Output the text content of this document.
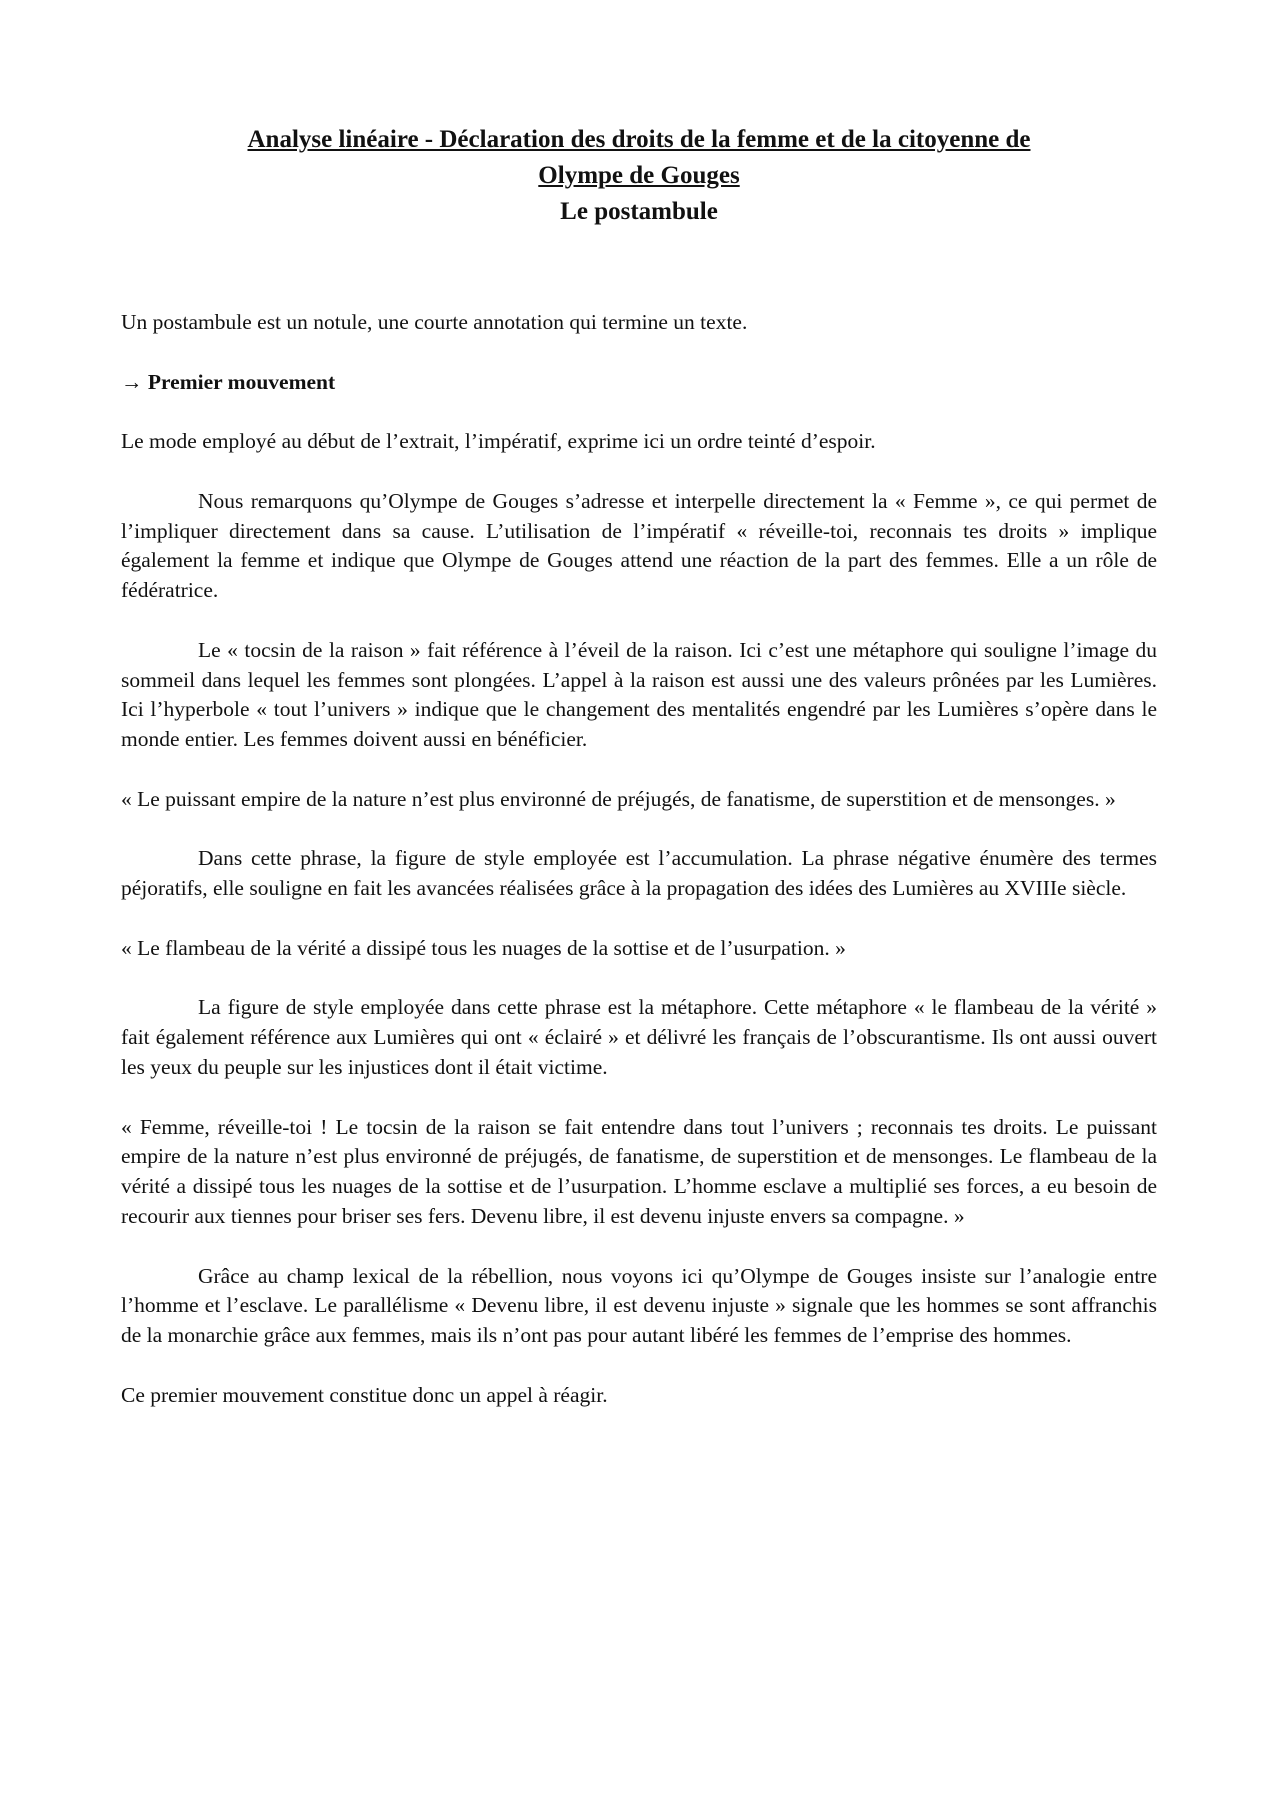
Analyse linéaire - Déclaration des droits de la femme et de la citoyenne de
Olympe de Gouges
Le postambule

Un postambule est un notule, une courte annotation qui termine un texte.

→ Premier mouvement

Le mode employé au début de l’extrait, l’impératif, exprime ici un ordre teinté d’espoir.

Nous remarquons qu’Olympe de Gouges s’adresse et interpelle directement la « Femme », ce qui permet de l’impliquer directement dans sa cause. L’utilisation de l’impératif « réveille-toi, reconnais tes droits » implique également la femme et indique que Olympe de Gouges attend une réaction de la part des femmes. Elle a un rôle de fédératrice.

Le « tocsin de la raison » fait référence à l’éveil de la raison. Ici c’est une métaphore qui souligne l’image du sommeil dans lequel les femmes sont plongées. L’appel à la raison est aussi une des valeurs prônées par les Lumières. Ici l’hyperbole « tout l’univers » indique que le changement des mentalités engendré par les Lumières s’opère dans le monde entier. Les femmes doivent aussi en bénéficier.

« Le puissant empire de la nature n’est plus environné de préjugés, de fanatisme, de superstition et de mensonges. »

Dans cette phrase, la figure de style employée est l’accumulation. La phrase négative énumère des termes péjoratifs, elle souligne en fait les avancées réalisées grâce à la propagation des idées des Lumières au XVIIIe siècle.

« Le flambeau de la vérité a dissipé tous les nuages de la sottise et de l’usurpation. »

La figure de style employée dans cette phrase est la métaphore. Cette métaphore « le flambeau de la vérité » fait également référence aux Lumières qui ont « éclairé » et délivré les français de l’obscurantisme. Ils ont aussi ouvert les yeux du peuple sur les injustices dont il était victime.

« Femme, réveille-toi ! Le tocsin de la raison se fait entendre dans tout l’univers ; reconnais tes droits. Le puissant empire de la nature n’est plus environné de préjugés, de fanatisme, de superstition et de mensonges. Le flambeau de la vérité a dissipé tous les nuages de la sottise et de l’usurpation. L’homme esclave a multiplié ses forces, a eu besoin de recourir aux tiennes pour briser ses fers. Devenu libre, il est devenu injuste envers sa compagne. »

Grâce au champ lexical de la rébellion, nous voyons ici qu’Olympe de Gouges insiste sur l’analogie entre l’homme et l’esclave. Le parallélisme « Devenu libre, il est devenu injuste » signale que les hommes se sont affranchis de la monarchie grâce aux femmes, mais ils n’ont pas pour autant libéré les femmes de l’emprise des hommes.

Ce premier mouvement constitue donc un appel à réagir.
